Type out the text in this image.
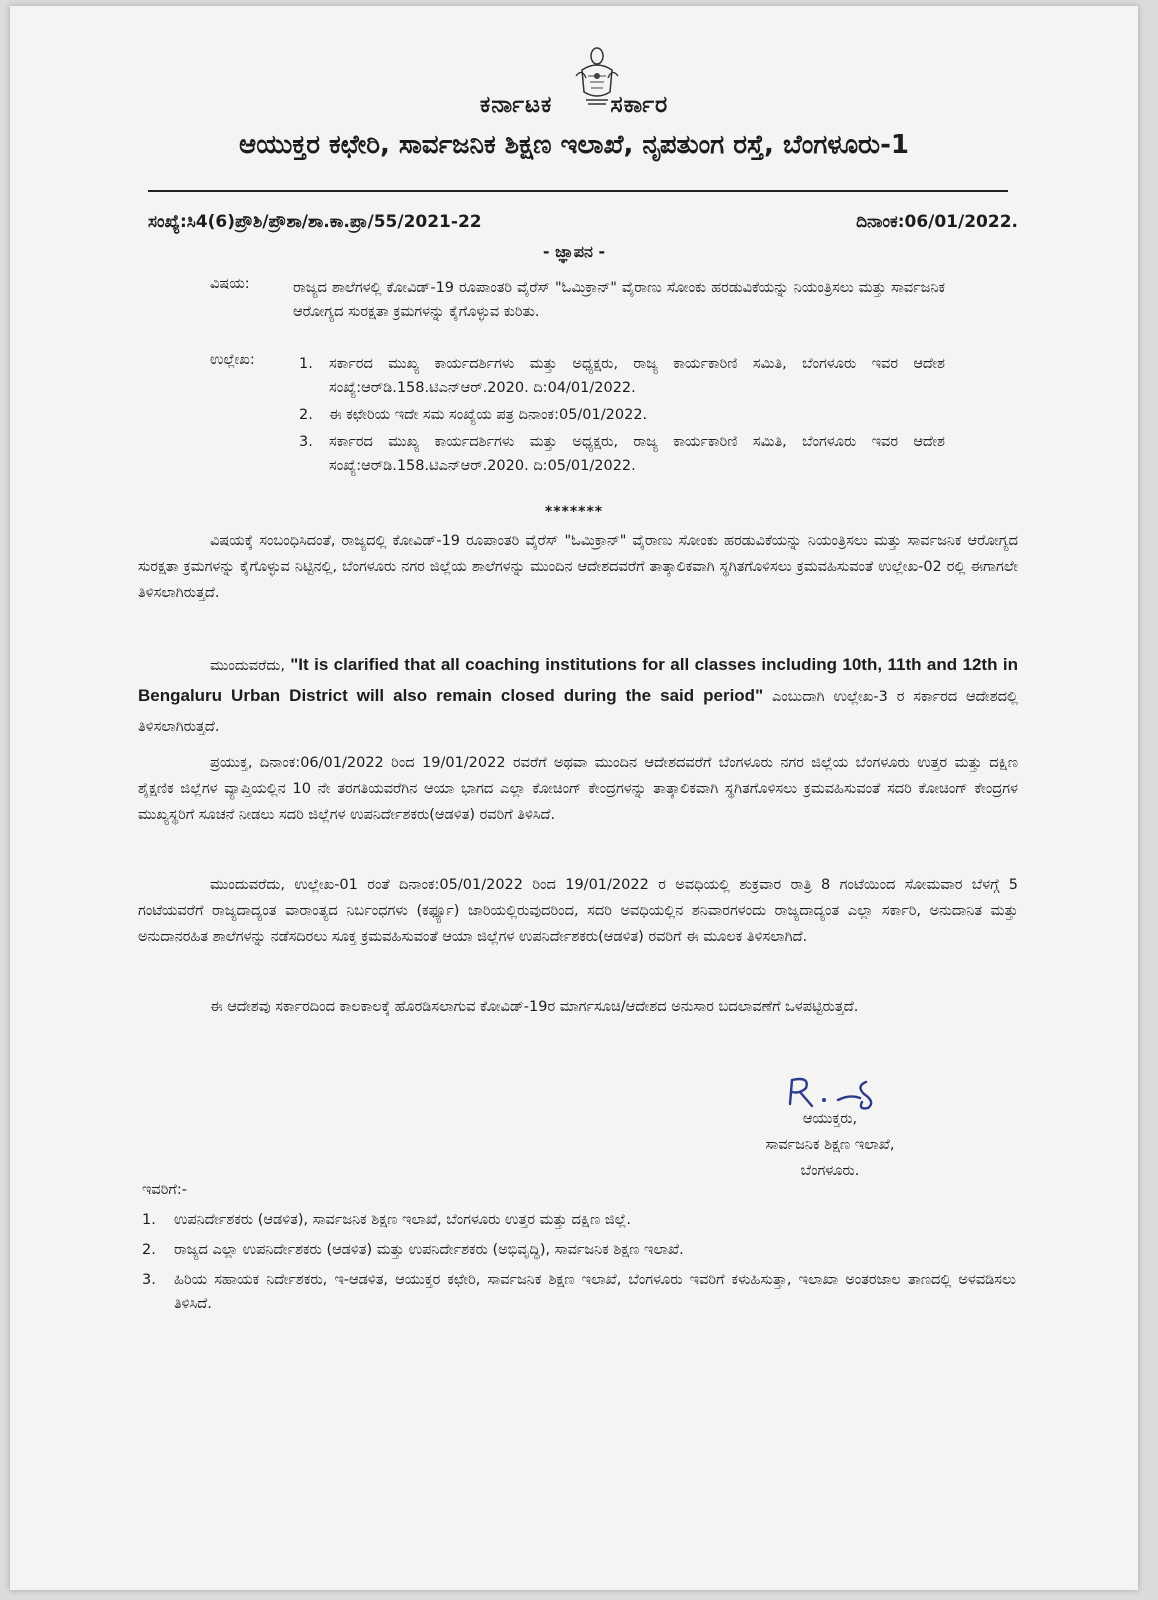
ಕರ್ನಾಟಕ	ಸರ್ಕಾರ
ಆಯುಕ್ತರ ಕಛೇರಿ, ಸಾರ್ವಜನಿಕ ಶಿಕ್ಷಣ ಇಲಾಖೆ, ನೃಪತುಂಗ ರಸ್ತೆ, ಬೆಂಗಳೂರು-1
ಸಂಖ್ಯೆ:ಸಿ4(6)ಪ್ರೌಶಿ/ಪ್ರೌಶಾ/ಶಾ.ಕಾ.ಪ್ರಾ/55/2021-22	ದಿನಾಂಕ:06/01/2022.
- ಜ್ಞಾಪನ -
ವಿಷಯ:	ರಾಜ್ಯದ ಶಾಲೆಗಳಲ್ಲಿ ಕೋವಿಡ್-19 ರೂಪಾಂತರಿ ವೈರೆಸ್ "ಓಮಿಕ್ರಾನ್" ವೈರಾಣು ಸೋಂಕು ಹರಡುವಿಕೆಯನ್ನು ನಿಯಂತ್ರಿಸಲು ಮತ್ತು ಸಾರ್ವಜನಿಕ ಆರೋಗ್ಯದ ಸುರಕ್ಷತಾ ಕ್ರಮಗಳನ್ನು ಕೈಗೊಳ್ಳುವ ಕುರಿತು.
ಉಲ್ಲೇಖ:	1. ಸರ್ಕಾರದ ಮುಖ್ಯ ಕಾರ್ಯದರ್ಶಿಗಳು ಮತ್ತು ಅಧ್ಯಕ್ಷರು, ರಾಜ್ಯ ಕಾರ್ಯಕಾರಿಣಿ ಸಮಿತಿ, ಬೆಂಗಳೂರು ಇವರ ಆದೇಶ ಸಂಖ್ಯೆ:ಆರ್‌ಡಿ.158.ಟಿಎನ್‌ಆರ್.2020. ದಿ:04/01/2022.
2. ಈ ಕಛೇರಿಯ ಇದೇ ಸಮ ಸಂಖ್ಯೆಯ ಪತ್ರ ದಿನಾಂಕ:05/01/2022.
3. ಸರ್ಕಾರದ ಮುಖ್ಯ ಕಾರ್ಯದರ್ಶಿಗಳು ಮತ್ತು ಅಧ್ಯಕ್ಷರು, ರಾಜ್ಯ ಕಾರ್ಯಕಾರಿಣಿ ಸಮಿತಿ, ಬೆಂಗಳೂರು ಇವರ ಆದೇಶ ಸಂಖ್ಯೆ:ಆರ್‌ಡಿ.158.ಟಿಎನ್‌ಆರ್.2020. ದಿ:05/01/2022.
*******

ವಿಷಯಕ್ಕೆ ಸಂಬಂಧಿಸಿದಂತೆ, ರಾಜ್ಯದಲ್ಲಿ ಕೋವಿಡ್-19 ರೂಪಾಂತರಿ ವೈರೆಸ್ "ಓಮಿಕ್ರಾನ್" ವೈರಾಣು ಸೋಂಕು ಹರಡುವಿಕೆಯನ್ನು ನಿಯಂತ್ರಿಸಲು ಮತ್ತು ಸಾರ್ವಜನಿಕ ಆರೋಗ್ಯದ ಸುರಕ್ಷತಾ ಕ್ರಮಗಳನ್ನು ಕೈಗೊಳ್ಳುವ ನಿಟ್ಟಿನಲ್ಲಿ, ಬೆಂಗಳೂರು ನಗರ ಜಿಲ್ಲೆಯ ಶಾಲೆಗಳನ್ನು ಮುಂದಿನ ಆದೇಶದವರೆಗೆ ತಾತ್ಕಾಲಿಕವಾಗಿ ಸ್ಥಗಿತಗೊಳಿಸಲು ಕ್ರಮವಹಿಸುವಂತೆ ಉಲ್ಲೇಖ-02 ರಲ್ಲಿ ಈಗಾಗಲೇ ತಿಳಿಸಲಾಗಿರುತ್ತದೆ.

ಮುಂದುವರೆದು, "It is clarified that all coaching institutions for all classes including 10th, 11th and 12th in Bengaluru Urban District will also remain closed during the said period" ಎಂಬುದಾಗಿ ಉಲ್ಲೇಖ-3 ರ ಸರ್ಕಾರದ ಆದೇಶದಲ್ಲಿ ತಿಳಿಸಲಾಗಿರುತ್ತದೆ.

ಪ್ರಯುಕ್ತ, ದಿನಾಂಕ:06/01/2022 ರಿಂದ 19/01/2022 ರವರೆಗೆ ಅಥವಾ ಮುಂದಿನ ಆದೇಶದವರೆಗೆ ಬೆಂಗಳೂರು ನಗರ ಜಿಲ್ಲೆಯ ಬೆಂಗಳೂರು ಉತ್ತರ ಮತ್ತು ದಕ್ಷಿಣ ಶೈಕ್ಷಣಿಕ ಜಿಲ್ಲೆಗಳ ವ್ಯಾಪ್ತಿಯಲ್ಲಿನ 10 ನೇ ತರಗತಿಯವರೆಗಿನ ಆಯಾ ಭಾಗದ ಎಲ್ಲಾ ಕೋಚಿಂಗ್ ಕೇಂದ್ರಗಳನ್ನು ತಾತ್ಕಾಲಿಕವಾಗಿ ಸ್ಥಗಿತಗೊಳಿಸಲು ಕ್ರಮವಹಿಸುವಂತೆ ಸದರಿ ಕೋಚಿಂಗ್ ಕೇಂದ್ರಗಳ ಮುಖ್ಯಸ್ಥರಿಗೆ ಸೂಚನೆ ನೀಡಲು ಸದರಿ ಜಿಲ್ಲೆಗಳ ಉಪನಿರ್ದೇಶಕರು(ಆಡಳಿತ) ರವರಿಗೆ ತಿಳಿಸಿದೆ.

ಮುಂದುವರೆದು, ಉಲ್ಲೇಖ-01 ರಂತೆ ದಿನಾಂಕ:05/01/2022 ರಿಂದ 19/01/2022 ರ ಅವಧಿಯಲ್ಲಿ ಶುಕ್ರವಾರ ರಾತ್ರಿ 8 ಗಂಟೆಯಿಂದ ಸೋಮವಾರ ಬೆಳಗ್ಗೆ 5 ಗಂಟೆಯವರೆಗೆ ರಾಜ್ಯದಾದ್ಯಂತ ವಾರಾಂತ್ಯದ ನಿರ್ಬಂಧಗಳು (ಕರ್ಫ್ಯೂ) ಜಾರಿಯಲ್ಲಿರುವುದರಿಂದ, ಸದರಿ ಅವಧಿಯಲ್ಲಿನ ಶನಿವಾರಗಳಂದು ರಾಜ್ಯದಾದ್ಯಂತ ಎಲ್ಲಾ ಸರ್ಕಾರಿ, ಅನುದಾನಿತ ಮತ್ತು ಅನುದಾನರಹಿತ ಶಾಲೆಗಳನ್ನು ನಡೆಸದಿರಲು ಸೂಕ್ತ ಕ್ರಮವಹಿಸುವಂತೆ ಆಯಾ ಜಿಲ್ಲೆಗಳ ಉಪನಿರ್ದೇಶಕರು(ಆಡಳಿತ) ರವರಿಗೆ ಈ ಮೂಲಕ ತಿಳಿಸಲಾಗಿದೆ.

ಈ ಆದೇಶವು ಸರ್ಕಾರದಿಂದ ಕಾಲಕಾಲಕ್ಕೆ ಹೊರಡಿಸಲಾಗುವ ಕೋವಿಡ್-19ರ ಮಾರ್ಗಸೂಚಿ/ಆದೇಶದ ಅನುಸಾರ ಬದಲಾವಣೆಗೆ ಒಳಪಟ್ಟಿರುತ್ತದೆ.

ಆಯುಕ್ತರು,
ಸಾರ್ವಜನಿಕ ಶಿಕ್ಷಣ ಇಲಾಖೆ,
ಬೆಂಗಳೂರು.
ಇವರಿಗೆ:-
1. ಉಪನಿರ್ದೇಶಕರು (ಆಡಳಿತ), ಸಾರ್ವಜನಿಕ ಶಿಕ್ಷಣ ಇಲಾಖೆ, ಬೆಂಗಳೂರು ಉತ್ತರ ಮತ್ತು ದಕ್ಷಿಣ ಜಿಲ್ಲೆ.
2. ರಾಜ್ಯದ ಎಲ್ಲಾ ಉಪನಿರ್ದೇಶಕರು (ಆಡಳಿತ) ಮತ್ತು ಉಪನಿರ್ದೇಶಕರು (ಅಭಿವೃದ್ಧಿ), ಸಾರ್ವಜನಿಕ ಶಿಕ್ಷಣ ಇಲಾಖೆ.
3. ಹಿರಿಯ ಸಹಾಯಕ ನಿರ್ದೇಶಕರು, ಇ-ಆಡಳಿತ, ಆಯುಕ್ತರ ಕಛೇರಿ, ಸಾರ್ವಜನಿಕ ಶಿಕ್ಷಣ ಇಲಾಖೆ, ಬೆಂಗಳೂರು ಇವರಿಗೆ ಕಳುಹಿಸುತ್ತಾ, ಇಲಾಖಾ ಅಂತರಜಾಲ ತಾಣದಲ್ಲಿ ಅಳವಡಿಸಲು ತಿಳಿಸಿದೆ.
